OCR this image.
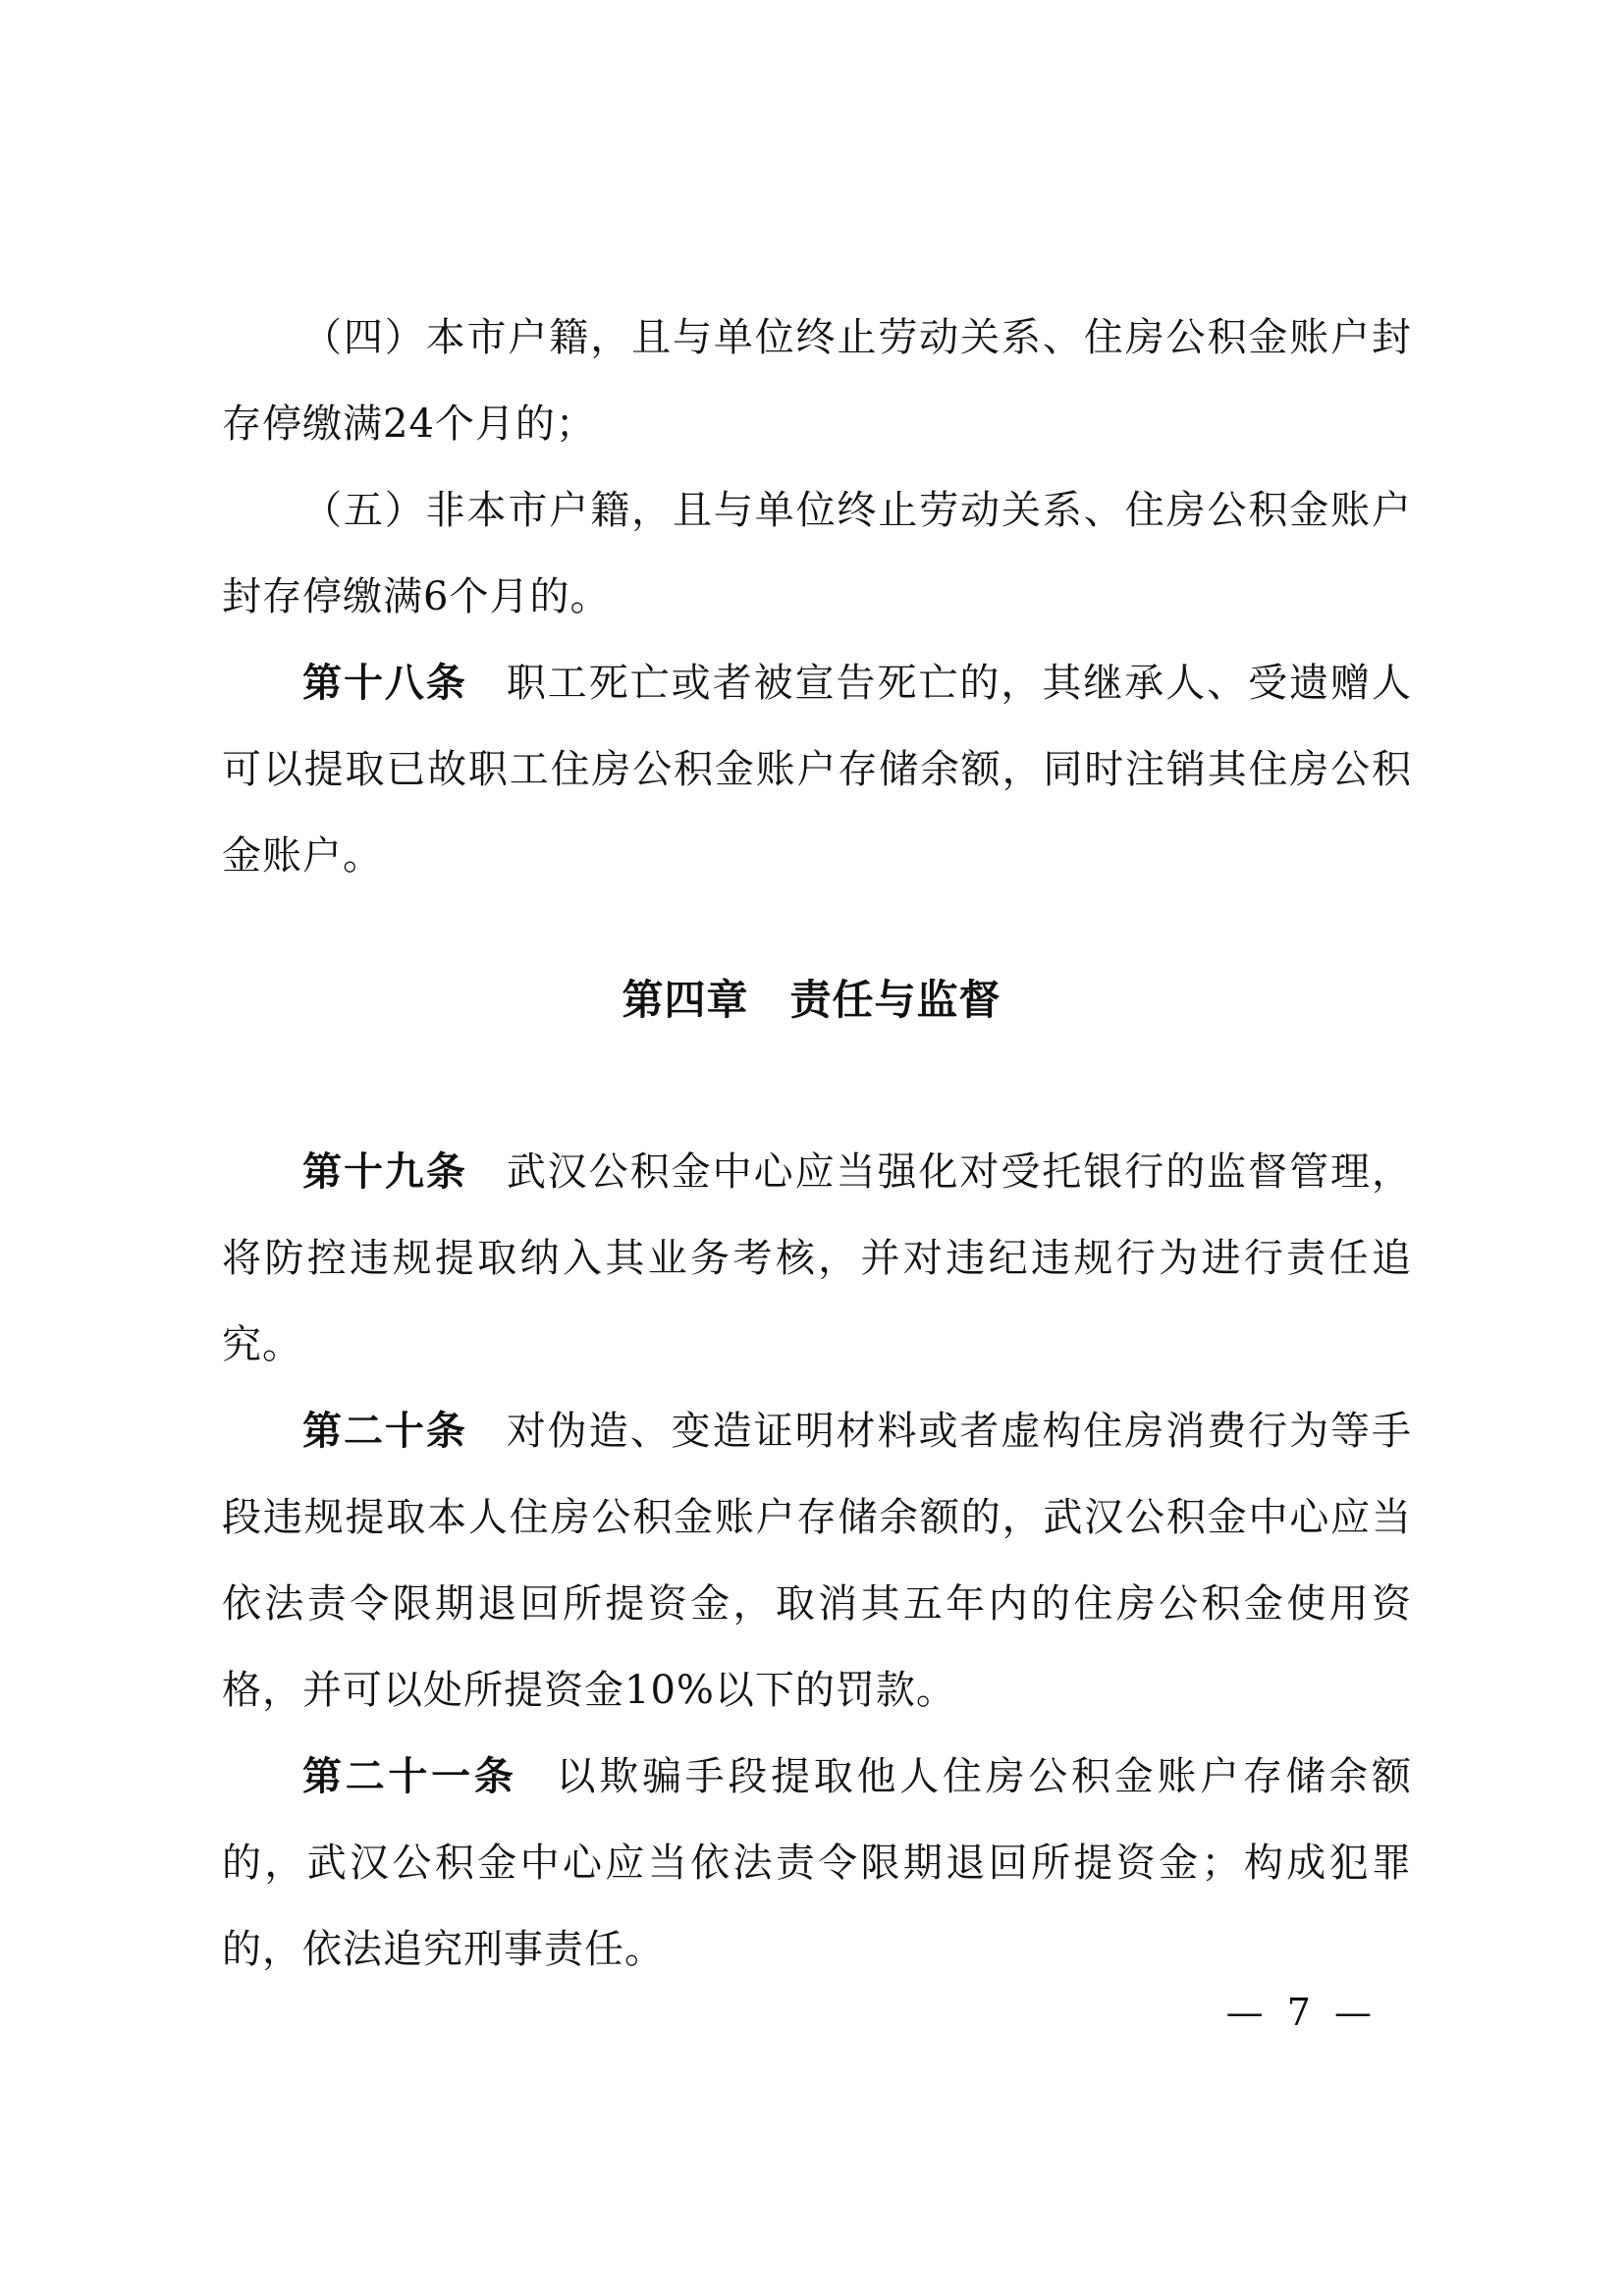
（四）本市户籍，且与单位终止劳动关系、住房公积金账户封存停缴满24个月的；

（五）非本市户籍，且与单位终止劳动关系、住房公积金账户封存停缴满6个月的。

第十八条 职工死亡或者被宣告死亡的，其继承人、受遗赠人可以提取已故职工住房公积金账户存储余额，同时注销其住房公积金账户。

第四章 责任与监督

第十九条 武汉公积金中心应当强化对受托银行的监督管理，将防控违规提取纳入其业务考核，并对违纪违规行为进行责任追究。

第二十条 对伪造、变造证明材料或者虚构住房消费行为等手段违规提取本人住房公积金账户存储余额的，武汉公积金中心应当依法责令限期退回所提资金，取消其五年内的住房公积金使用资格，并可以处所提资金10%以下的罚款。

第二十一条 以欺骗手段提取他人住房公积金账户存储余额的，武汉公积金中心应当依法责令限期退回所提资金；构成犯罪的，依法追究刑事责任。

— 7 —
